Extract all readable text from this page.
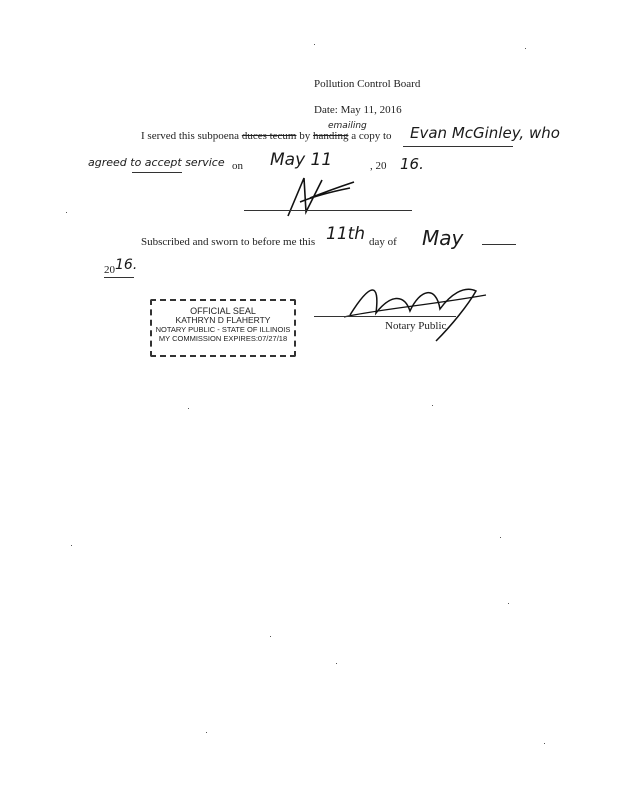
Pollution Control Board
Date: May 11, 2016
emailing
I served this subpoena duces tecum by handing a copy to Evan McGinley, who
agreed to accept service on May 11	, 20 16.
Subscribed and sworn to before me this 11th day of May
20 16.
OFFICIAL SEAL
KATHRYN D FLAHERTY
NOTARY PUBLIC - STATE OF ILLINOIS
MY COMMISSION EXPIRES:07/27/18
Notary Public
